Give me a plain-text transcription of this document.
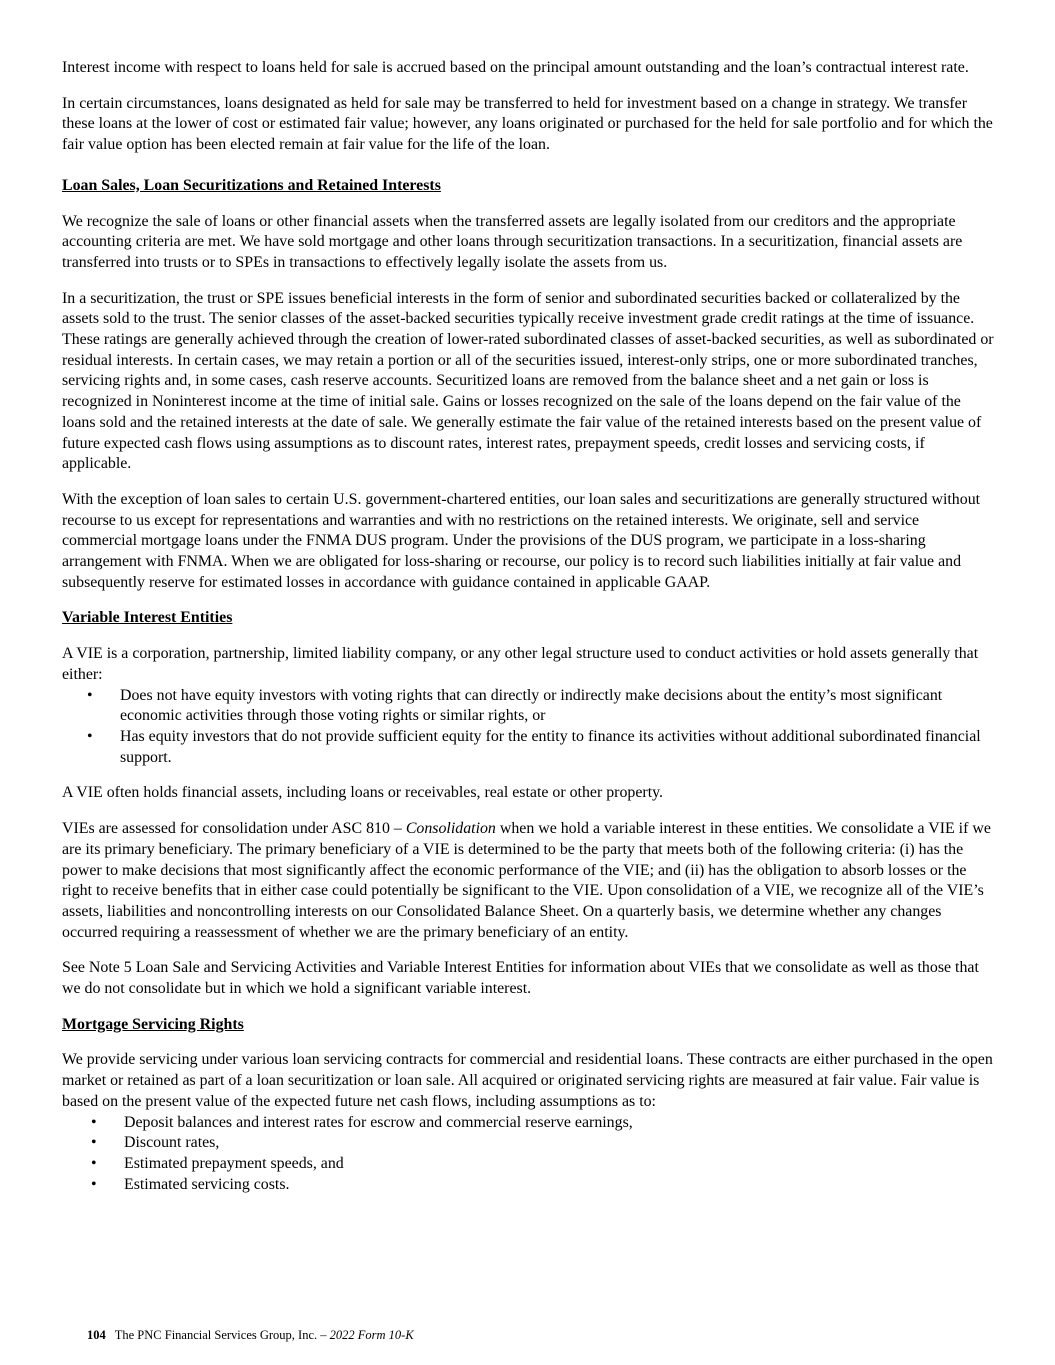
Interest income with respect to loans held for sale is accrued based on the principal amount outstanding and the loan’s contractual interest rate.

In certain circumstances, loans designated as held for sale may be transferred to held for investment based on a change in strategy. We transfer these loans at the lower of cost or estimated fair value; however, any loans originated or purchased for the held for sale portfolio and for which the fair value option has been elected remain at fair value for the life of the loan.

Loan Sales, Loan Securitizations and Retained Interests

We recognize the sale of loans or other financial assets when the transferred assets are legally isolated from our creditors and the appropriate accounting criteria are met. We have sold mortgage and other loans through securitization transactions. In a securitization, financial assets are transferred into trusts or to SPEs in transactions to effectively legally isolate the assets from us.

In a securitization, the trust or SPE issues beneficial interests in the form of senior and subordinated securities backed or collateralized by the assets sold to the trust. The senior classes of the asset-backed securities typically receive investment grade credit ratings at the time of issuance. These ratings are generally achieved through the creation of lower-rated subordinated classes of asset-backed securities, as well as subordinated or residual interests. In certain cases, we may retain a portion or all of the securities issued, interest-only strips, one or more subordinated tranches, servicing rights and, in some cases, cash reserve accounts. Securitized loans are removed from the balance sheet and a net gain or loss is recognized in Noninterest income at the time of initial sale. Gains or losses recognized on the sale of the loans depend on the fair value of the loans sold and the retained interests at the date of sale. We generally estimate the fair value of the retained interests based on the present value of future expected cash flows using assumptions as to discount rates, interest rates, prepayment speeds, credit losses and servicing costs, if applicable.

With the exception of loan sales to certain U.S. government-chartered entities, our loan sales and securitizations are generally structured without recourse to us except for representations and warranties and with no restrictions on the retained interests. We originate, sell and service commercial mortgage loans under the FNMA DUS program. Under the provisions of the DUS program, we participate in a loss-sharing arrangement with FNMA. When we are obligated for loss-sharing or recourse, our policy is to record such liabilities initially at fair value and subsequently reserve for estimated losses in accordance with guidance contained in applicable GAAP.

Variable Interest Entities

A VIE is a corporation, partnership, limited liability company, or any other legal structure used to conduct activities or hold assets generally that either:

• Does not have equity investors with voting rights that can directly or indirectly make decisions about the entity’s most significant economic activities through those voting rights or similar rights, or
• Has equity investors that do not provide sufficient equity for the entity to finance its activities without additional subordinated financial support.

A VIE often holds financial assets, including loans or receivables, real estate or other property.

VIEs are assessed for consolidation under ASC 810 – Consolidation when we hold a variable interest in these entities. We consolidate a VIE if we are its primary beneficiary. The primary beneficiary of a VIE is determined to be the party that meets both of the following criteria: (i) has the power to make decisions that most significantly affect the economic performance of the VIE; and (ii) has the obligation to absorb losses or the right to receive benefits that in either case could potentially be significant to the VIE. Upon consolidation of a VIE, we recognize all of the VIE’s assets, liabilities and noncontrolling interests on our Consolidated Balance Sheet. On a quarterly basis, we determine whether any changes occurred requiring a reassessment of whether we are the primary beneficiary of an entity.

See Note 5 Loan Sale and Servicing Activities and Variable Interest Entities for information about VIEs that we consolidate as well as those that we do not consolidate but in which we hold a significant variable interest.

Mortgage Servicing Rights

We provide servicing under various loan servicing contracts for commercial and residential loans. These contracts are either purchased in the open market or retained as part of a loan securitization or loan sale. All acquired or originated servicing rights are measured at fair value. Fair value is based on the present value of the expected future net cash flows, including assumptions as to:

• Deposit balances and interest rates for escrow and commercial reserve earnings,
• Discount rates,
• Estimated prepayment speeds, and
• Estimated servicing costs.
104 The PNC Financial Services Group, Inc. – 2022 Form 10-K
